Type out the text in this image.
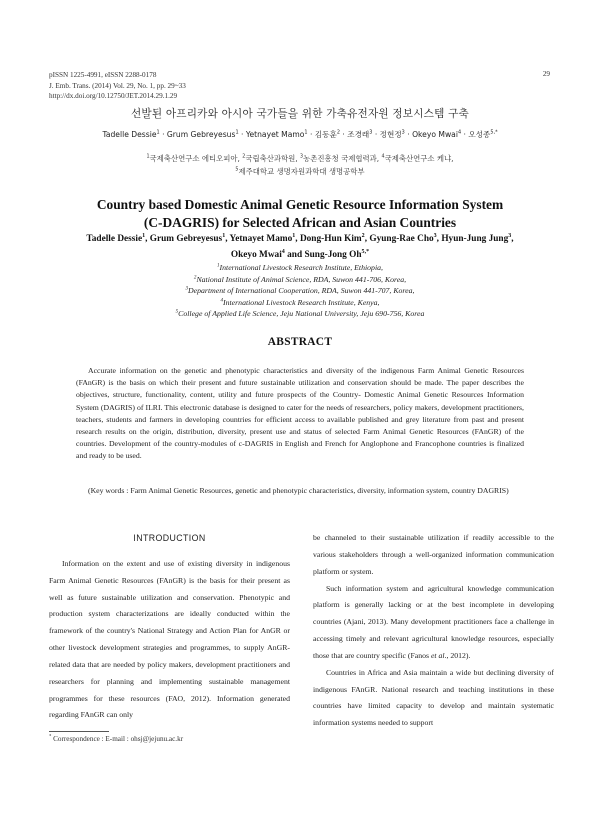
pISSN 1225-4991, eISSN 2288-0178
J. Emb. Trans. (2014) Vol. 29, No. 1, pp. 29~33
http://dx.doi.org/10.12750/JET.2014.29.1.29
29
선발된 아프리카와 아시아 국가들을 위한 가축유전자원 정보시스템 구축
Tadelle Dessie$^1$ · Grum Gebreyesus$^1$ · Yetnayet Mamo$^1$ · 김동훈$^2$ · 조경래$^3$ · 정현정$^3$ · Okeyo Mwai$^4$ · 오성종$^{5,*}$
$^1$국제축산연구소 에티오피아, $^2$국립축산과학원, $^3$농촌진흥청 국제협력과, $^4$국제축산연구소 케냐,
$^5$제주대학교 생명자원과학대 생명공학부
Country based Domestic Animal Genetic Resource Information System
(C-DAGRIS) for Selected African and Asian Countries
Tadelle Dessie$^1$, Grum Gebreyesus$^1$, Yetnayet Mamo$^1$, Dong-Hun Kim$^2$, Gyung-Rae Cho$^3$, Hyun-Jung Jung$^3$,
Okeyo Mwai$^4$ and Sung-Jong $Oh^{5,*}$
$^1$International Livestock Research Institute, Ethiopia,
$^2$National Institute of Animal Science, RDA, Suwon 441-706, Korea,
$^3$Department of International Cooperation, RDA, Suwon 441-707, Korea,
$^4$International Livestock Research Institute, Kenya,
$^5$College of Applied Life Science, Jeju National University, Jeju 690-756, Korea
ABSTRACT
Accurate information on the genetic and phenotypic characteristics and diversity of the indigenous Farm Animal Genetic Resources (FAnGR) is the basis on which their present and future sustainable utilization and conservation should be made. The paper describes the objectives, structure, functionality, content, utility and future prospects of the Country- Domestic Animal Genetic Resources Information System (DAGRIS) of ILRI. This electronic database is designed to cater for the needs of researchers, policy makers, development practitioners, teachers, students and farmers in developing countries for efficient access to available published and grey literature from past and present research results on the origin, distribution, diversity, present use and status of selected Farm Animal Genetic Resources (FAnGR) of the countries. Development of the country-modules of c-DAGRIS in English and French for Anglophone and Francophone countries is finalized and ready to be used.
(Key words : Farm Animal Genetic Resources, genetic and phenotypic characteristics, diversity, information system, country DAGRIS)
INTRODUCTION

Information on the extent and use of existing diversity in indigenous Farm Animal Genetic Resources (FAnGR) is the basis for their present as well as future sustainable utilization and conservation. Phenotypic and production system characterizations are ideally conducted within the framework of the country's National Strategy and Action Plan for AnGR or other livestock development strategies and programmes, to supply AnGR-related data that are needed by policy makers, development practitioners and researchers for planning and implementing sustainable management programmes for these resources (FAO, 2012). Information generated regarding FAnGR can only

be channeled to their sustainable utilization if readily accessible to the various stakeholders through a well-organized information communication platform or system.

Such information system and agricultural knowledge communication platform is generally lacking or at the best incomplete in developing countries (Ajani, 2013). Many development practitioners face a challenge in accessing timely and relevant agricultural knowledge resources, especially those that are country specific (Fanos et al., 2012).

Countries in Africa and Asia maintain a wide but declining diversity of indigenous FAnGR. National research and teaching institutions in these countries have limited capacity to develop and maintain systematic information systems needed to support

* Correspondence : E-mail : ohsj@jejunu.ac.kr
